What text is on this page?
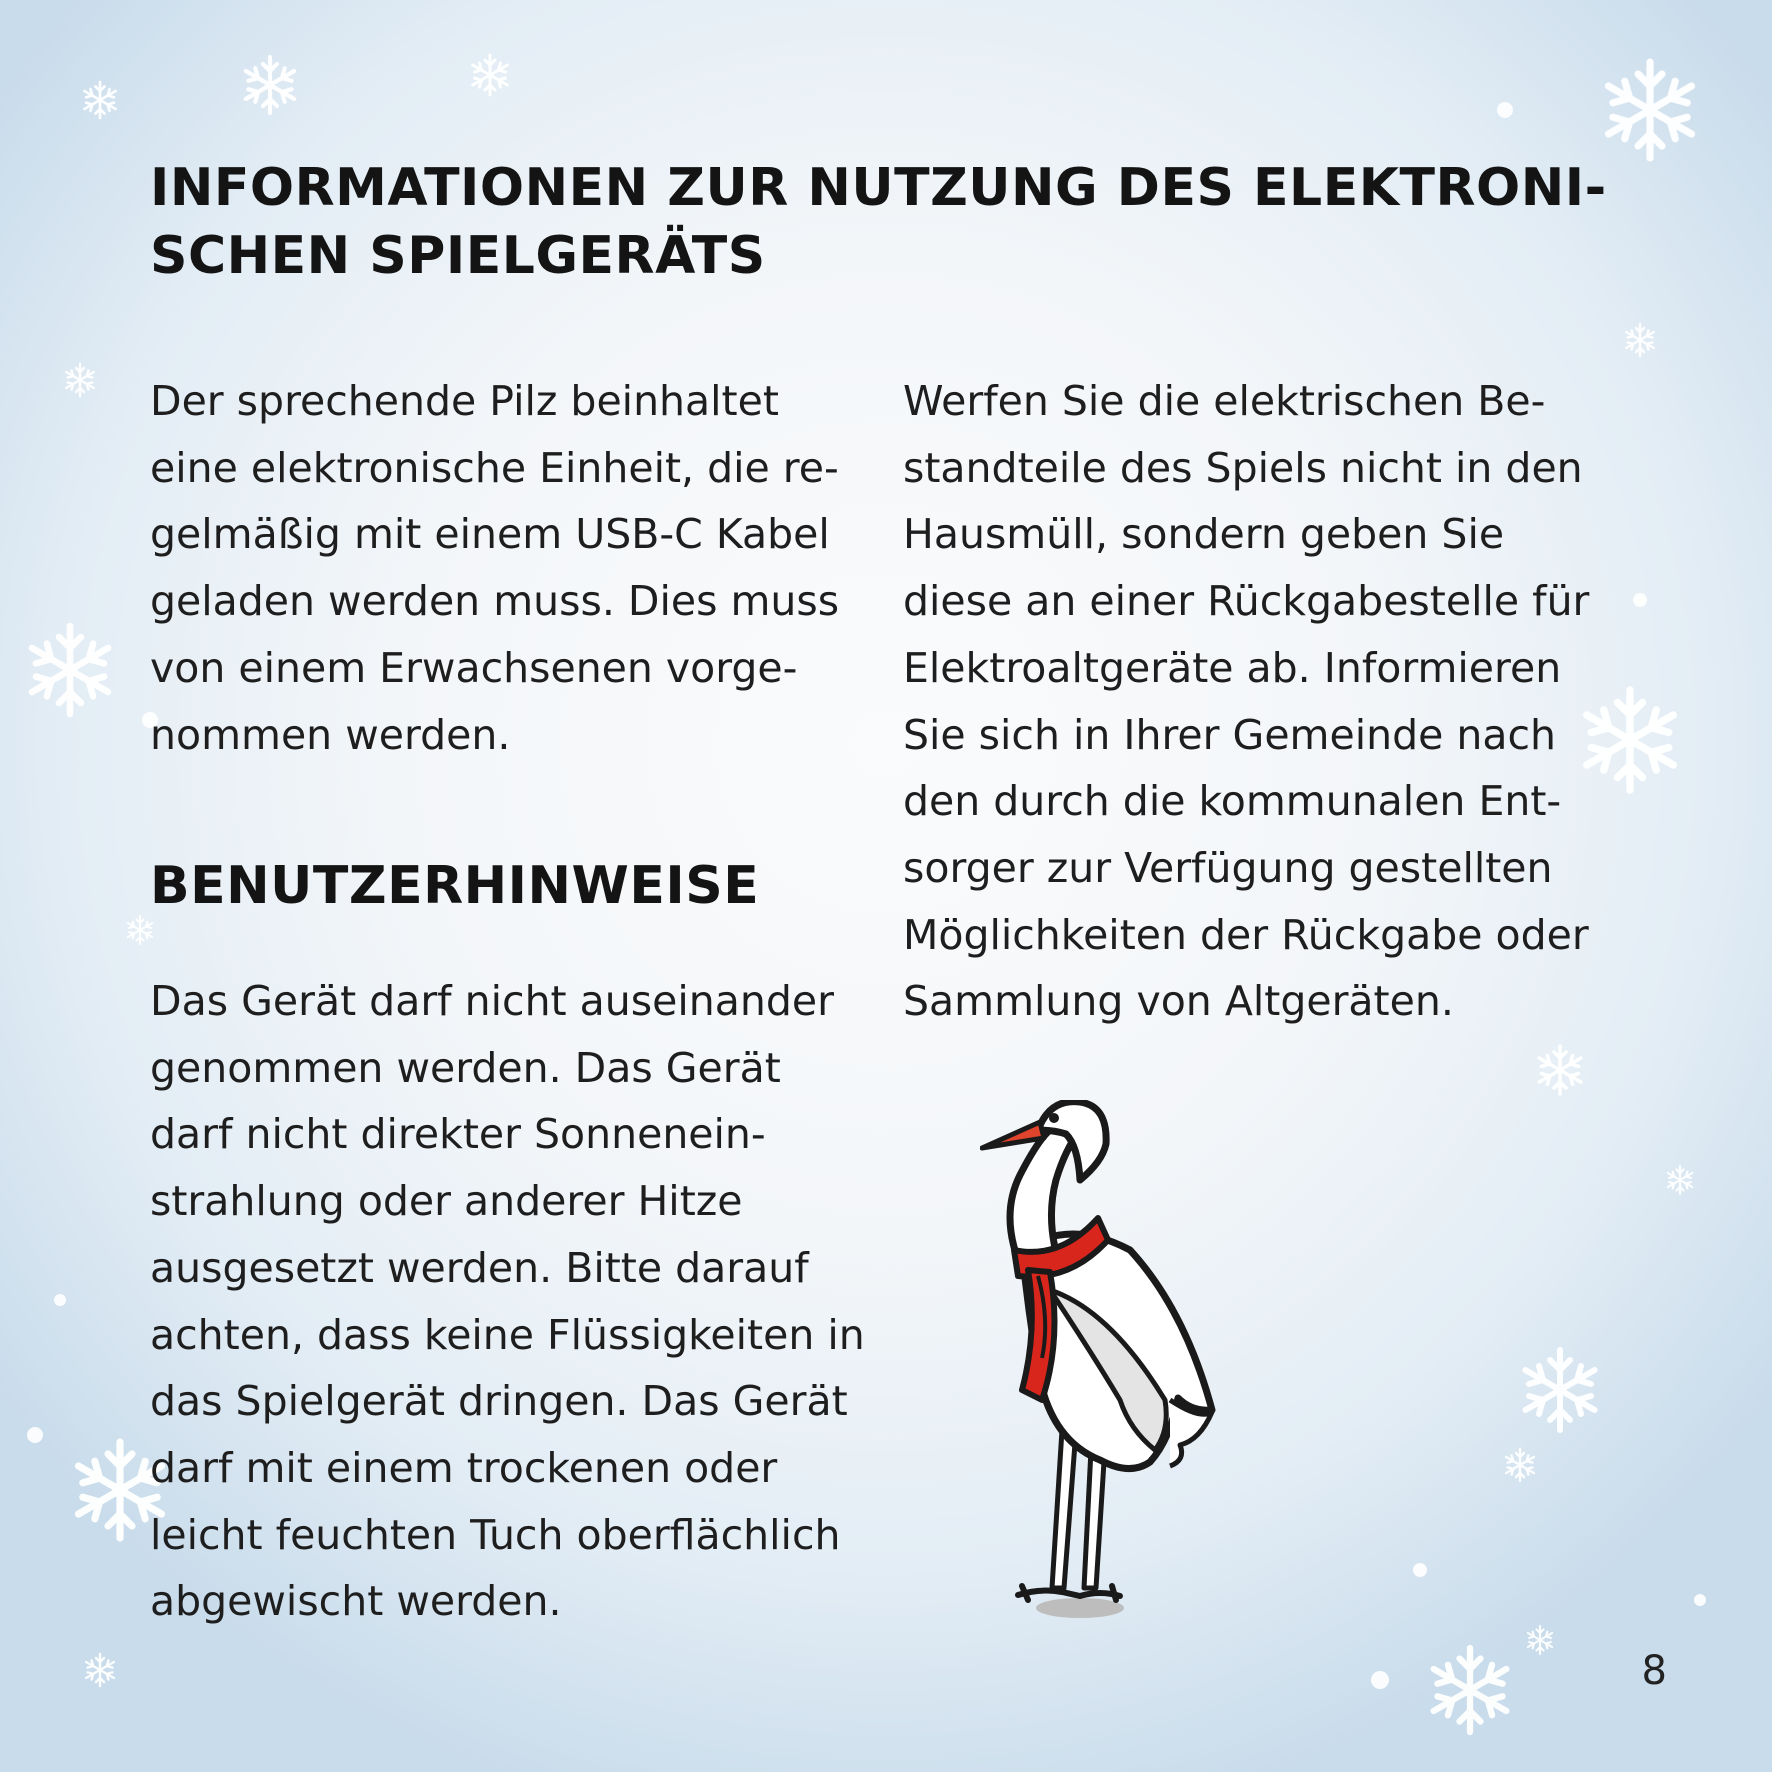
INFORMATIONEN ZUR NUTZUNG DES ELEKTRONI-
SCHEN SPIELGERÄTS

Der sprechende Pilz beinhaltet
eine elektronische Einheit, die re-
gelmäßig mit einem USB-C Kabel
geladen werden muss. Dies muss
von einem Erwachsenen vorge-
nommen werden.

BENUTZERHINWEISE

Das Gerät darf nicht auseinander
genommen werden. Das Gerät
darf nicht direkter Sonnenein-
strahlung oder anderer Hitze
ausgesetzt werden. Bitte darauf
achten, dass keine Flüssigkeiten in
das Spielgerät dringen. Das Gerät
darf mit einem trockenen oder
leicht feuchten Tuch oberflächlich
abgewischt werden.

Werfen Sie die elektrischen Be-
standteile des Spiels nicht in den
Hausmüll, sondern geben Sie
diese an einer Rückgabestelle für
Elektroaltgeräte ab. Informieren
Sie sich in Ihrer Gemeinde nach
den durch die kommunalen Ent-
sorger zur Verfügung gestellten
Möglichkeiten der Rückgabe oder
Sammlung von Altgeräten.

8
